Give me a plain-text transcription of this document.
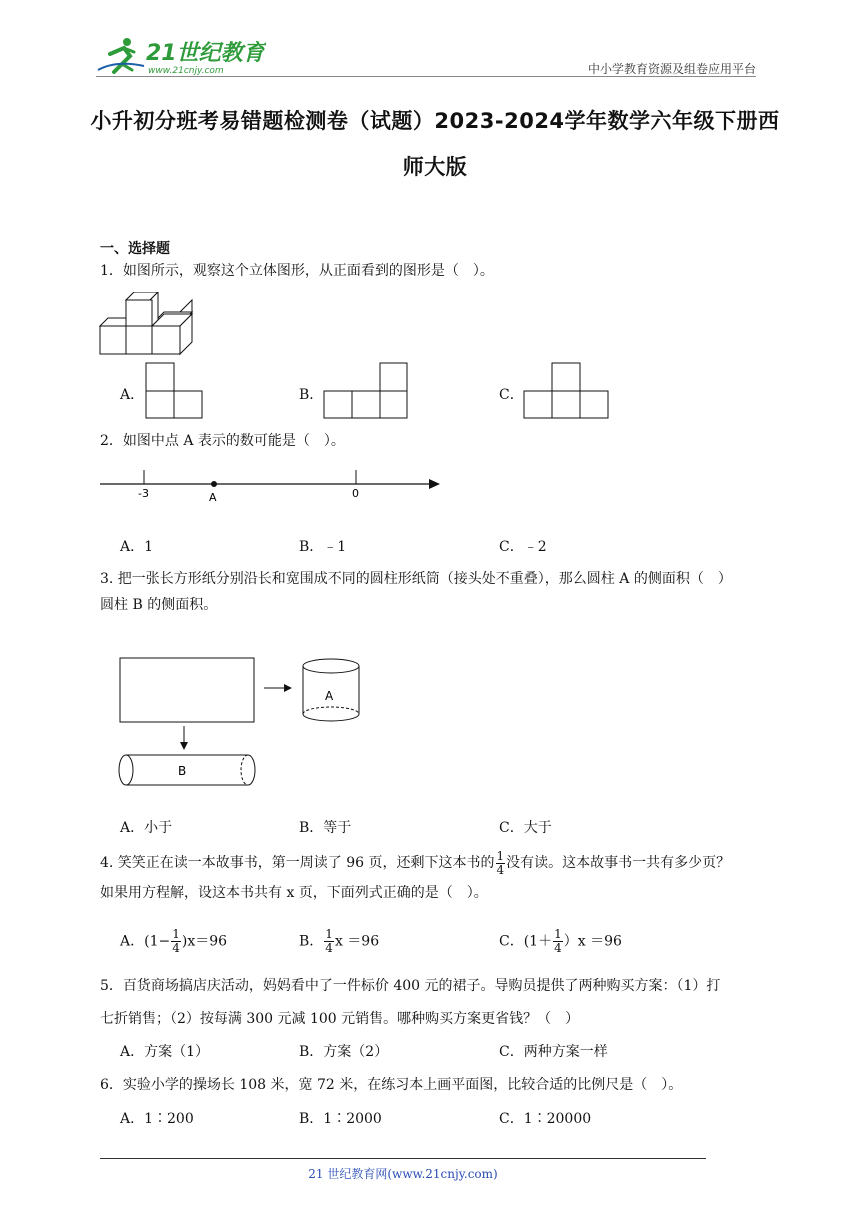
21世纪教育
www.21cnjy.com	中小学教育资源及组卷应用平台
小升初分班考易错题检测卷（试题）2023-2024学年数学六年级下册西
师大版
一、选择题
1．如图所示，观察这个立体图形，从正面看到的图形是（　）。
A．	B．	C．
2．如图中点 A 表示的数可能是（　）。
-3	A	0
A．1	B．﹣1	C．﹣2
3. 把一张长方形纸分别沿长和宽围成不同的圆柱形纸筒（接头处不重叠），那么圆柱 A 的侧面积（　）
圆柱 B 的侧面积。
A
B
A．小于	B．等于	C．大于
4. 笑笑正在读一本故事书，第一周读了 96 页，还剩下这本书的 $\frac{1}{4}$ 没有读。这本故事书一共有多少页？
如果用方程解，设这本书共有 x 页，下面列式正确的是（　）。
A．$(1- \frac{1}{4} )x=96$	B． $\frac{1}{4}$ x ＝96	C．$(1+ \frac{1}{4} )x =96$
5．百货商场搞店庆活动，妈妈看中了一件标价 400 元的裙子。导购员提供了两种购买方案：（1）打
七折销售；（2）按每满 300 元减 100 元销售。哪种购买方案更省钱？（　）
A．方案（1）	B．方案（2）	C．两种方案一样
6．实验小学的操场长 108 米，宽 72 米，在练习本上画平面图，比较合适的比例尺是（　）。
A．1∶200	B．1∶2000	C．1∶20000
21 世纪教育网(www.21cnjy.com)
